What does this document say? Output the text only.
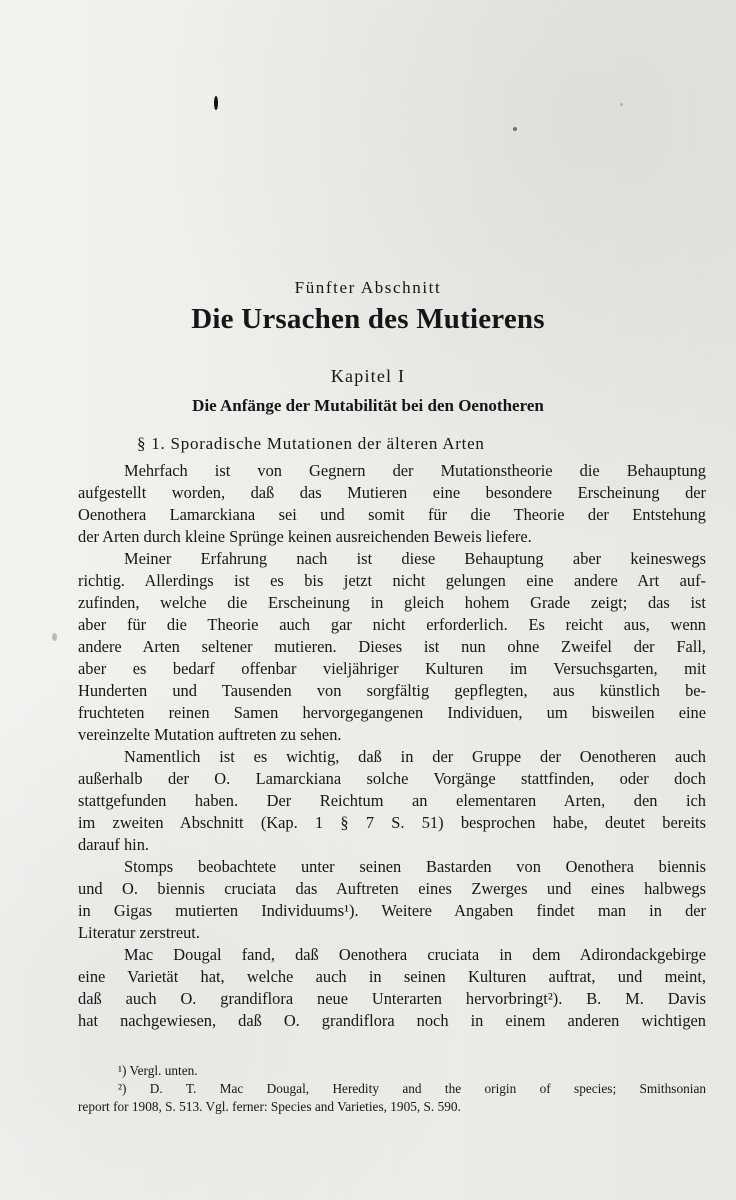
Fünfter Abschnitt
Die Ursachen des Mutierens
Kapitel I
Die Anfänge der Mutabilität bei den Oenotheren
§ 1. Sporadische Mutationen der älteren Arten
Mehrfach ist von Gegnern der Mutationstheorie die Behauptung
aufgestellt worden, daß das Mutieren eine besondere Erscheinung der
Oenothera Lamarckiana sei und somit für die Theorie der Entstehung
der Arten durch kleine Sprünge keinen ausreichenden Beweis liefere.
Meiner Erfahrung nach ist diese Behauptung aber keineswegs
richtig. Allerdings ist es bis jetzt nicht gelungen eine andere Art auf-
zufinden, welche die Erscheinung in gleich hohem Grade zeigt; das ist
aber für die Theorie auch gar nicht erforderlich. Es reicht aus, wenn
andere Arten seltener mutieren. Dieses ist nun ohne Zweifel der Fall,
aber es bedarf offenbar vieljähriger Kulturen im Versuchsgarten, mit
Hunderten und Tausenden von sorgfältig gepflegten, aus künstlich be-
fruchteten reinen Samen hervorgegangenen Individuen, um bisweilen eine
vereinzelte Mutation auftreten zu sehen.
Namentlich ist es wichtig, daß in der Gruppe der Oenotheren auch
außerhalb der O. Lamarckiana solche Vorgänge stattfinden, oder doch
stattgefunden haben. Der Reichtum an elementaren Arten, den ich
im zweiten Abschnitt (Kap. 1 § 7 S. 51) besprochen habe, deutet bereits
darauf hin.
Stomps beobachtete unter seinen Bastarden von Oenothera biennis
und O. biennis cruciata das Auftreten eines Zwerges und eines halbwegs
in Gigas mutierten Individuums¹). Weitere Angaben findet man in der
Literatur zerstreut.
Mac Dougal fand, daß Oenothera cruciata in dem Adirondackgebirge
eine Varietät hat, welche auch in seinen Kulturen auftrat, und meint,
daß auch O. grandiflora neue Unterarten hervorbringt²). B. M. Davis
hat nachgewiesen, daß O. grandiflora noch in einem anderen wichtigen
¹) Vergl. unten.
²) D. T. Mac Dougal, Heredity and the origin of species; Smithsonian
report for 1908, S. 513. Vgl. ferner: Species and Varieties, 1905, S. 590.
